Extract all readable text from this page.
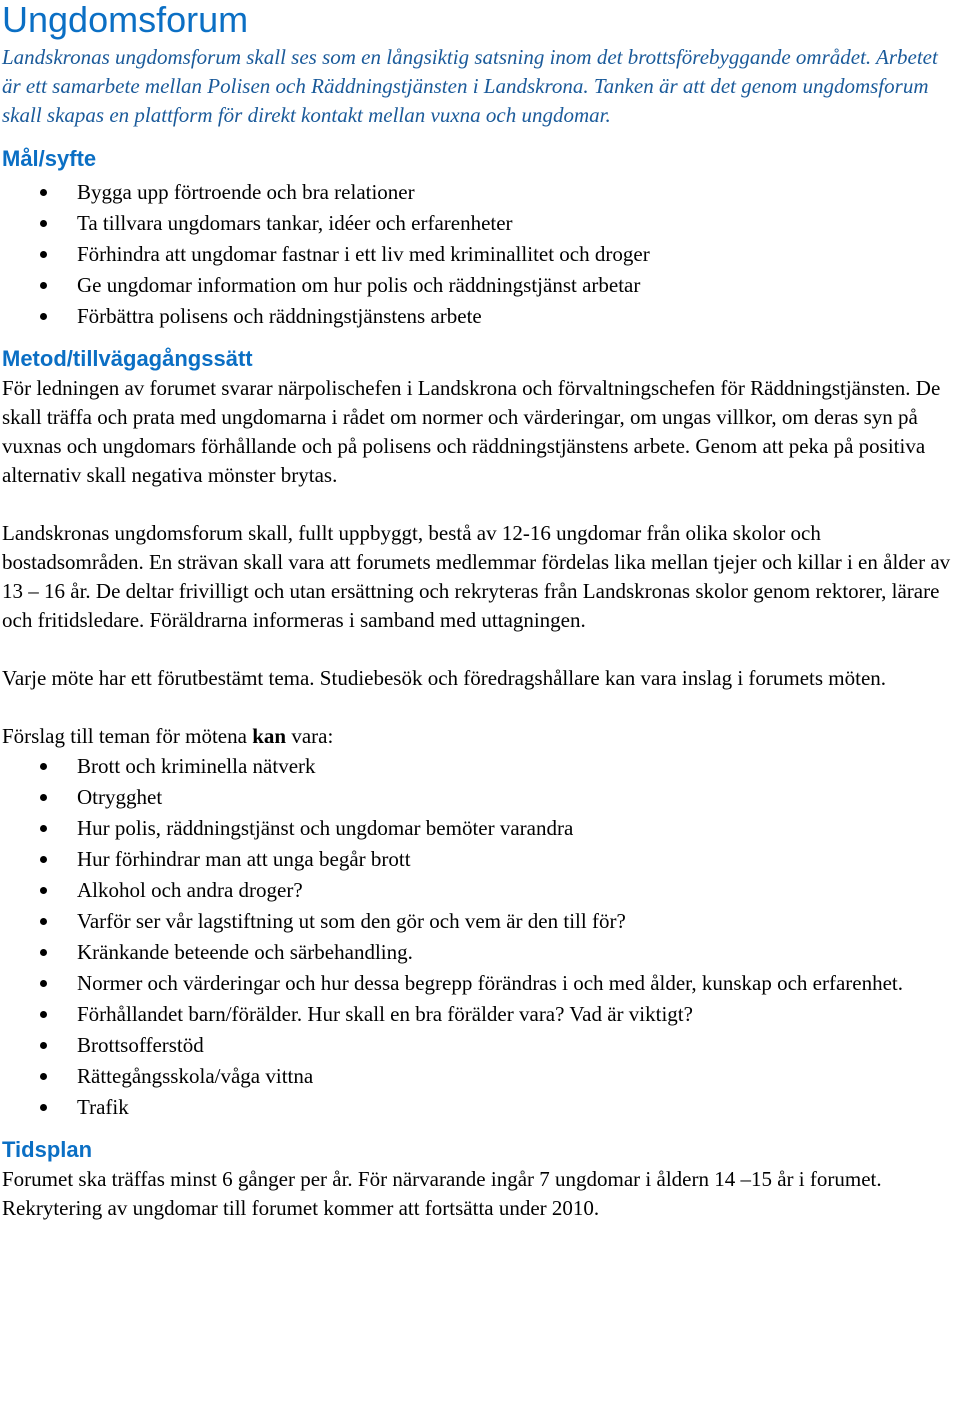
Ungdomsforum

Landskronas ungdomsforum skall ses som en långsiktig satsning inom det brottsförebyggande området. Arbetet är ett samarbete mellan Polisen och Räddningstjänsten i Landskrona. Tanken är att det genom ungdomsforum skall skapas en plattform för direkt kontakt mellan vuxna och ungdomar.

Mål/syfte
Bygga upp förtroende och bra relationer
Ta tillvara ungdomars tankar, idéer och erfarenheter
Förhindra att ungdomar fastnar i ett liv med kriminallitet och droger
Ge ungdomar information om hur polis och räddningstjänst arbetar
Förbättra polisens och räddningstjänstens arbete
Metod/tillvägagångssätt

För ledningen av forumet svarar närpolischefen i Landskrona och förvaltningschefen för Räddningstjänsten. De skall träffa och prata med ungdomarna i rådet om normer och värderingar, om ungas villkor, om deras syn på vuxnas och ungdomars förhållande och på polisens och räddningstjänstens arbete. Genom att peka på positiva alternativ skall negativa mönster brytas.

Landskronas ungdomsforum skall, fullt uppbyggt, bestå av 12-16 ungdomar från olika skolor och bostadsområden. En strävan skall vara att forumets medlemmar fördelas lika mellan tjejer och killar i en ålder av 13 – 16 år. De deltar frivilligt och utan ersättning och rekryteras från Landskronas skolor genom rektorer, lärare och fritidsledare. Föräldrarna informeras i samband med uttagningen.

Varje möte har ett förutbestämt tema. Studiebesök och föredragshållare kan vara inslag i forumets möten.

Förslag till teman för mötena kan vara:

Brott och kriminella nätverk
Otrygghet
Hur polis, räddningstjänst och ungdomar bemöter varandra
Hur förhindrar man att unga begår brott
Alkohol och andra droger?
Varför ser vår lagstiftning ut som den gör och vem är den till för?
Kränkande beteende och särbehandling.
Normer och värderingar och hur dessa begrepp förändras i och med ålder, kunskap och erfarenhet.
Förhållandet barn/förälder. Hur skall en bra förälder vara? Vad är viktigt?
Brottsofferstöd
Rättegångsskola/våga vittna
Trafik
Tidsplan

Forumet ska träffas minst 6 gånger per år. För närvarande ingår 7 ungdomar i åldern 14 –15 år i forumet. Rekrytering av ungdomar till forumet kommer att fortsätta under 2010.
